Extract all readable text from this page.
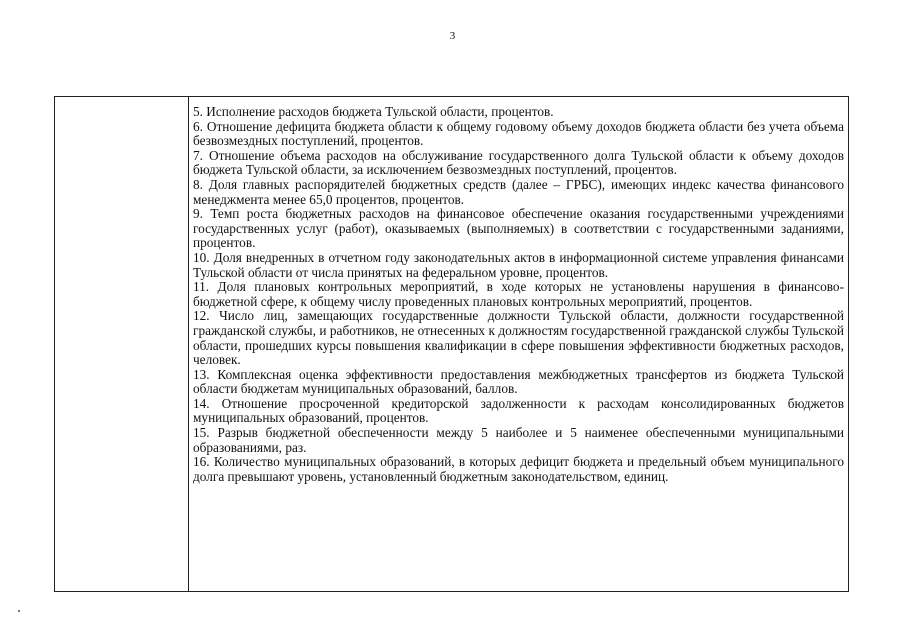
3

5. Исполнение расходов бюджета Тульской области, процентов.

6. Отношение дефицита бюджета области к общему годовому объему доходов бюджета области без учета объема безвозмездных поступлений, процентов.

7. Отношение объема расходов на обслуживание государственного долга Тульской области к объему доходов бюджета Тульской области, за исключением безвозмездных поступлений, процентов.

8. Доля главных распорядителей бюджетных средств (далее – ГРБС), имеющих индекс качества финансового менеджмента менее 65,0 процентов, процентов.

9. Темп роста бюджетных расходов на финансовое обеспечение оказания государственными учреждениями государственных услуг (работ), оказываемых (выполняемых) в соответствии с государственными заданиями, процентов.

10. Доля внедренных в отчетном году законодательных актов в информационной системе управления финансами Тульской области от числа принятых на федеральном уровне, процентов.

11. Доля плановых контрольных мероприятий, в ходе которых не установлены нарушения в финансово-бюджетной сфере, к общему числу проведенных плановых контрольных мероприятий, процентов.

12. Число лиц, замещающих государственные должности Тульской области, должности государственной гражданской службы, и работников, не отнесенных к должностям государственной гражданской службы Тульской области, прошедших курсы повышения квалификации в сфере повышения эффективности бюджетных расходов, человек.

13. Комплексная оценка эффективности предоставления межбюджетных трансфертов из бюджета Тульской области бюджетам муниципальных образований, баллов.

14. Отношение просроченной кредиторской задолженности к расходам консолидированных бюджетов муниципальных образований, процентов.

15. Разрыв бюджетной обеспеченности между 5 наиболее и 5 наименее обеспеченными муниципальными образованиями, раз.

16. Количество муниципальных образований, в которых дефицит бюджета и предельный объем муниципального долга превышают уровень, установленный бюджетным законодательством, единиц.
